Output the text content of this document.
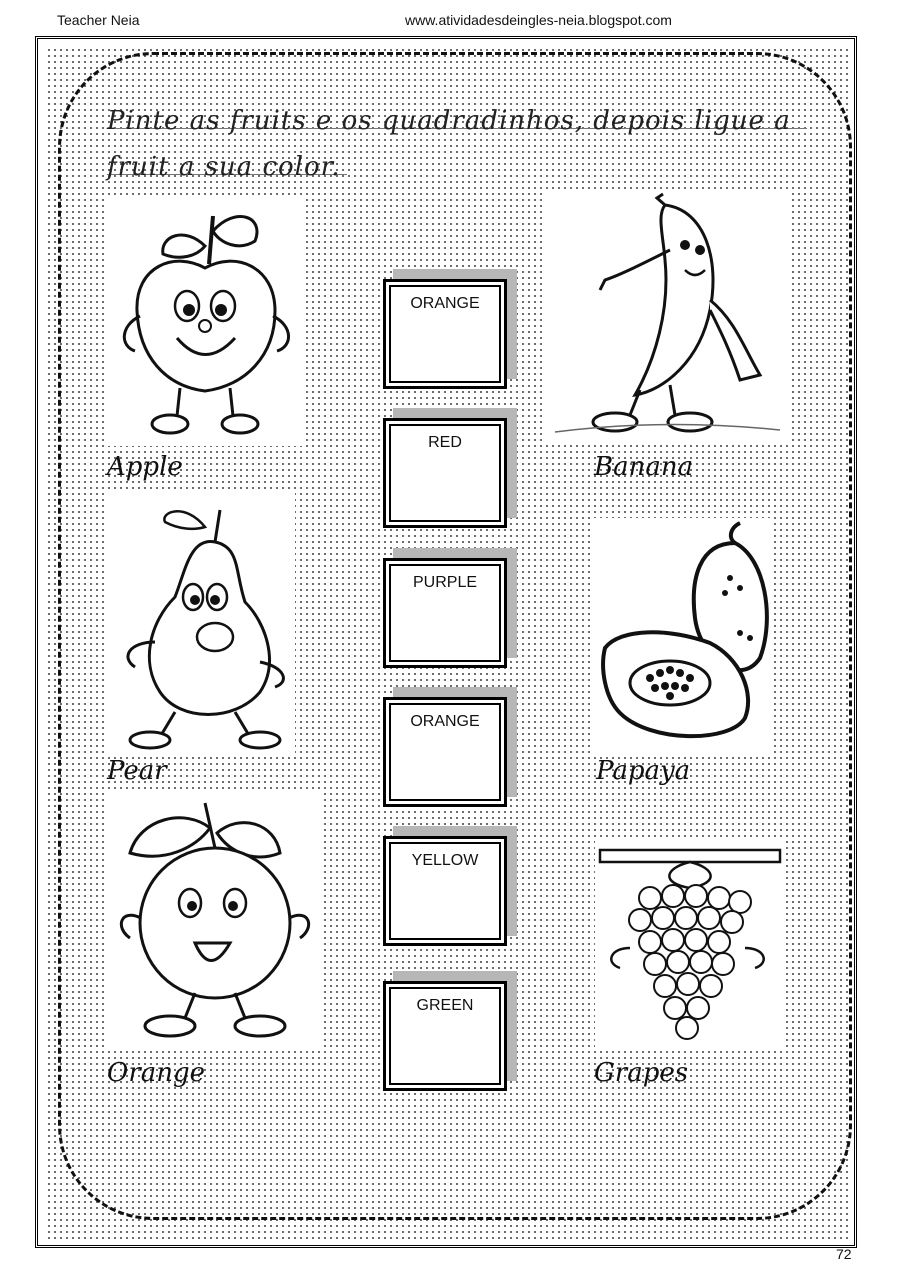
Teacher Neia	www.atividadesdeingles-neia.blogspot.com
Pinte as fruits e os quadradinhos, depois ligue a
fruit a sua color.
Apple	Banana
Pear	Papaya
Orange	Grapes
ORANGE
RED
PURPLE
ORANGE
YELLOW
GREEN
72
